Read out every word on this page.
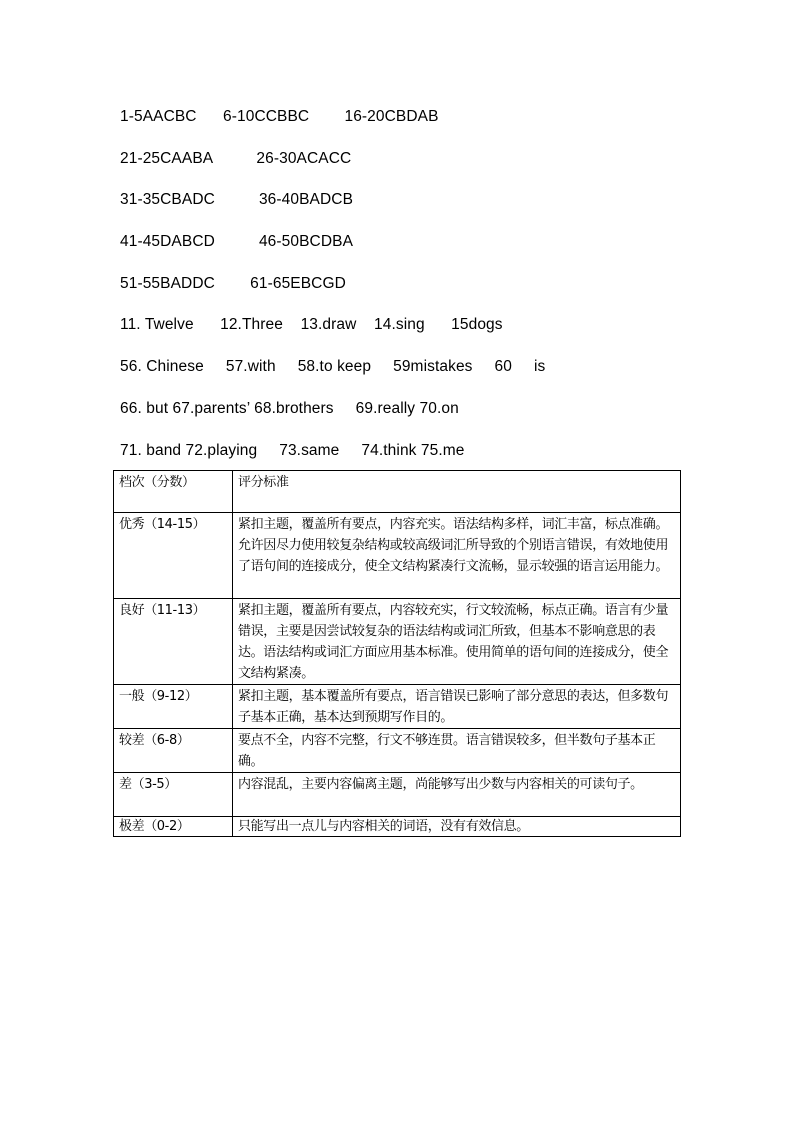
1-5AACBC      6-10CCBBC        16-20CBDAB
21-25CAABA          26-30ACACC
31-35CBADC          36-40BADCB
41-45DABCD          46-50BCDBA
51-55BADDC        61-65EBCGD
11. Twelve      12.Three    13.draw    14.sing      15dogs
56. Chinese     57.with     58.to keep     59mistakes     60     is
66. but 67.parents’ 68.brothers     69.really 70.on
71. band 72.playing     73.same     74.think 75.me
档次（分数）	评分标准
优秀（14-15）	紧扣主题，覆盖所有要点，内容充实。语法结构多样，词汇丰富，标点准确。允许因尽力使用较复杂结构或较高级词汇所导致的个别语言错误，有效地使用了语句间的连接成分，使全文结构紧凑行文流畅，显示较强的语言运用能力。
良好（11-13）	紧扣主题，覆盖所有要点，内容较充实，行文较流畅，标点正确。语言有少量错误，主要是因尝试较复杂的语法结构或词汇所致，但基本不影响意思的表达。语法结构或词汇方面应用基本标准。使用简单的语句间的连接成分，使全文结构紧凑。
一般（9-12）	紧扣主题，基本覆盖所有要点，语言错误已影响了部分意思的表达，但多数句子基本正确，基本达到预期写作目的。
较差（6-8）	要点不全，内容不完整，行文不够连贯。语言错误较多，但半数句子基本正确。
差（3-5）	内容混乱，主要内容偏离主题，尚能够写出少数与内容相关的可读句子。
极差（0-2）	只能写出一点儿与内容相关的词语，没有有效信息。
